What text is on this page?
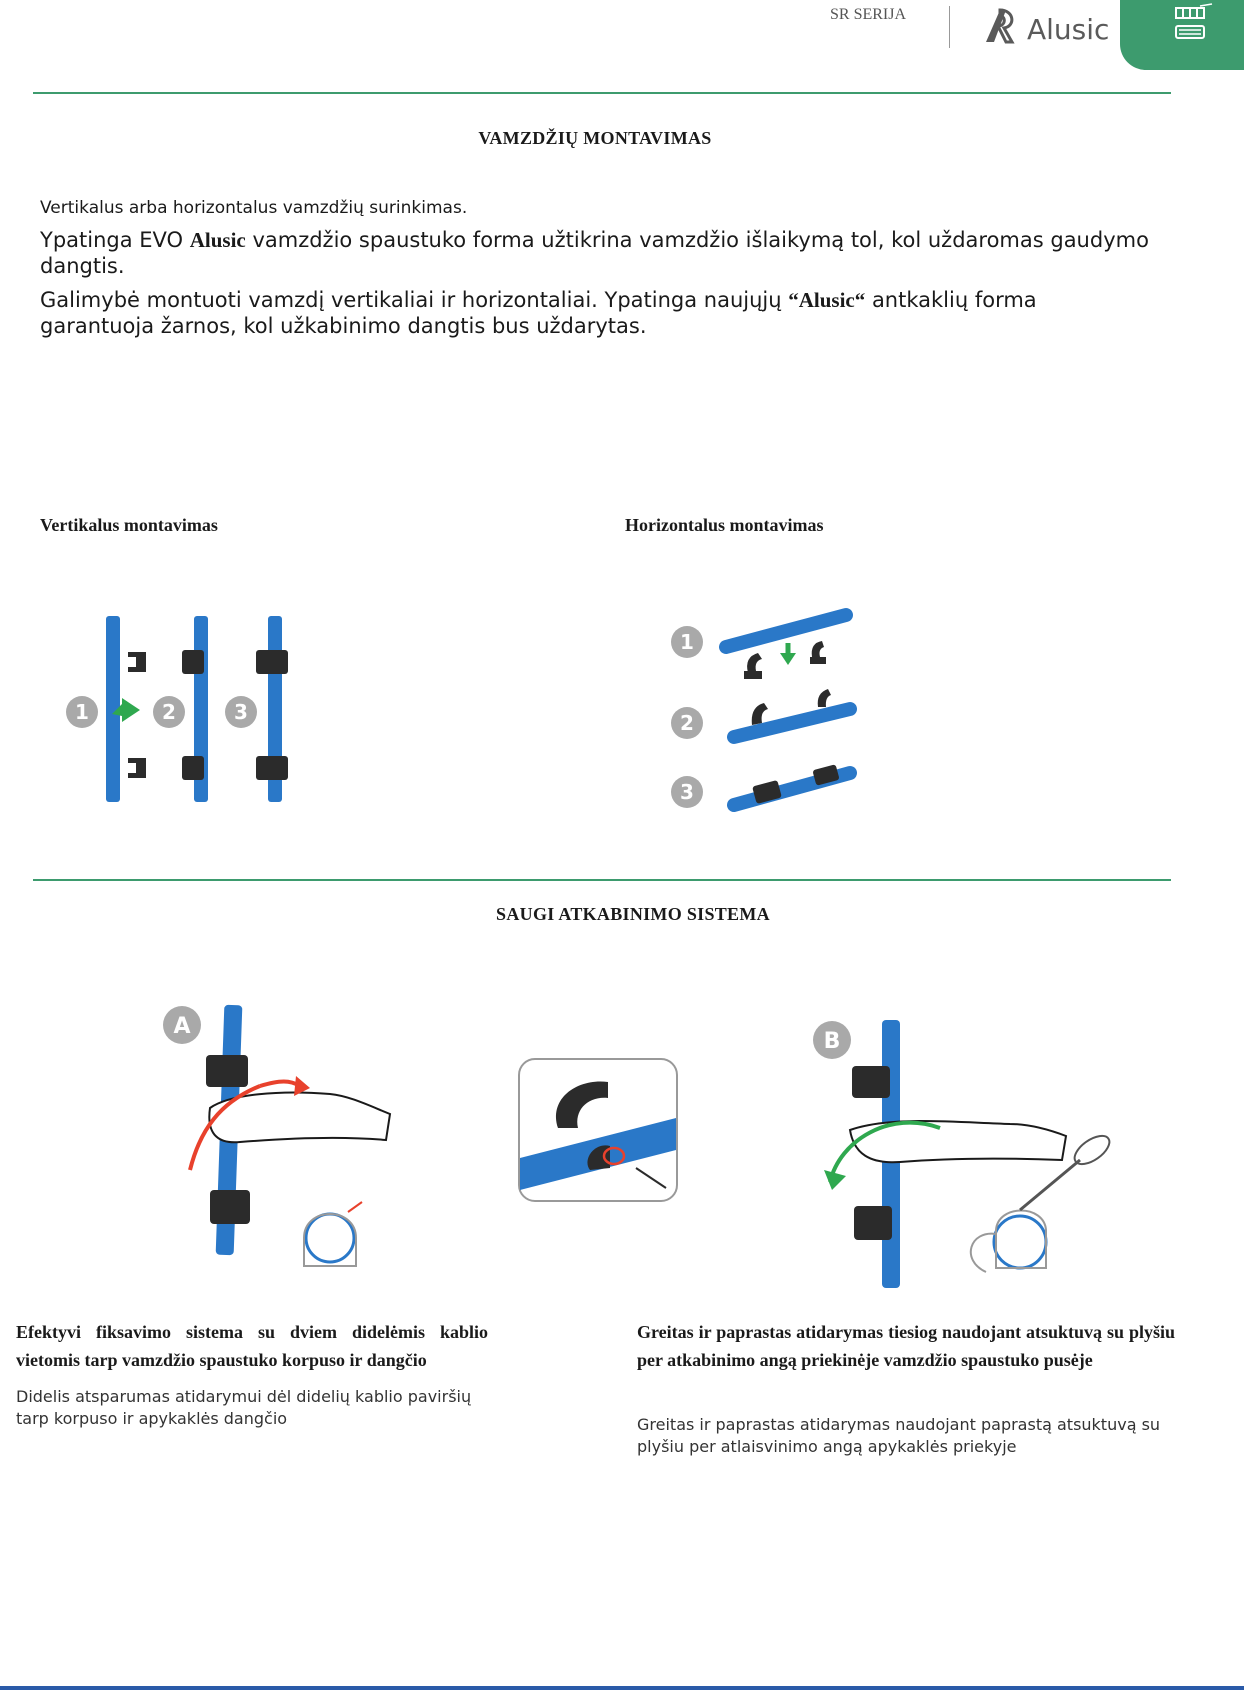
SR SERIJA	Alusic
VAMZDŽIŲ MONTAVIMAS
Vertikalus arba horizontalus vamzdžių surinkimas.
Ypatinga EVO Alusic vamzdžio spaustuko forma užtikrina vamzdžio išlaikymą tol, kol uždaromas gaudymo dangtis.
Galimybė montuoti vamzdį vertikaliai ir horizontaliai. Ypatinga naujųjų “Alusic“ antkaklių forma garantuoja žarnos, kol užkabinimo dangtis bus uždarytas.
Vertikalus montavimas	Horizontalus montavimas
1	2	3
1
2
3
SAUGI ATKABINIMO SISTEMA
A
B
Efektyvi fiksavimo sistema su dviem didelėmis kablio vietomis tarp vamzdžio spaustuko korpuso ir dangčio
Didelis atsparumas atidarymui dėl didelių kablio paviršių tarp korpuso ir apykaklės dangčio
Greitas ir paprastas atidarymas tiesiog naudojant atsuktuvą su plyšiu per atkabinimo angą priekinėje vamzdžio spaustuko pusėje
Greitas ir paprastas atidarymas naudojant paprastą atsuktuvą su plyšiu per atlaisvinimo angą apykaklės priekyje
